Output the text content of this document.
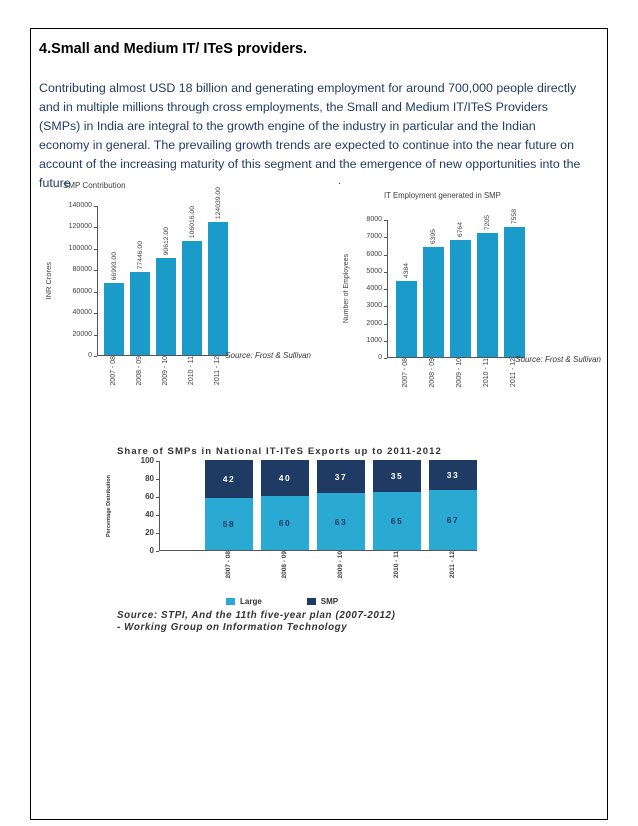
4.Small and Medium IT/ ITeS providers.
Contributing almost USD 18 billion and generating employment for around 700,000 people directly and in multiple millions through cross employments, the Small and Medium IT/ITeS Providers (SMPs) in India are integral to the growth engine of the industry in particular and the Indian economy in general. The prevailing growth trends are expected to continue into the near future on account of the increasing maturity of this segment and the emergence of new opportunities into the future	.
SMP Contribution
INR Crores
0
20000
40000
60000
80000
100000
120000
140000
66993.00	77446.00	90612.00
106016.00
124039.00
2007 - 08	2008 - 09	2009 - 10	2010 - 11	2011 - 12
Source: Frost & Sullivan
IT Employment generated in SMP
Number of Employees
0
1000
2000
3000
4000
5000
6000
7000
8000
4384
6395	6764
7205	7558
2007 - 08	2008 - 09	2009 - 10	2010 - 11	2011 - 12
Source: Frost & Sullivan
Share of SMPs in National IT-ITeS Exports up to 2011-2012
Percentage Distribution
0
20
40
60
80
100
42
58
40
60
37
63
35
65
33
67
2007 - 08	2008 - 09	2009 - 10	2010 - 11	2011 - 12
Large	SMP
Source: STPI, And the 11th five-year plan (2007-2012)
- Working Group on Information Technology
